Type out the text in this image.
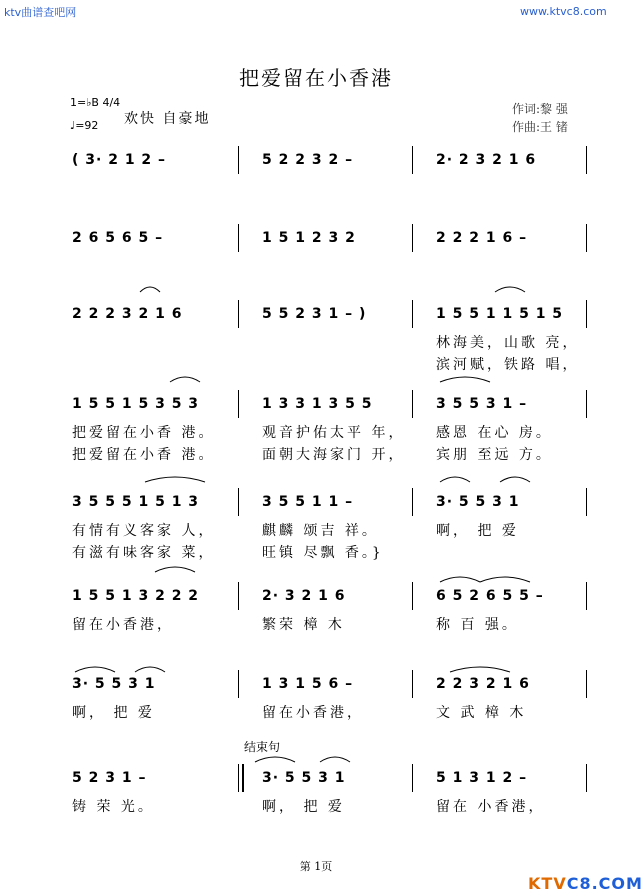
ktv曲谱查吧网	www.ktvc8.com
把爱留在小香港
1=♭B 4/4
♩=92 欢快 自豪地
作词:黎 强
作曲:王 锗
( 3· 2 1 2 –	5 2 2 3 2 –	2· 2 3 2 1 6
2 6 5 6 5 –	1 5 1 2 3 2	2 2 2 1 6 –
2 2 2 3 2 1 6	5 5 2 3 1 – )	1 5 5 1 1 5 1 5
林海美，山歌 亮，
滨河赋，铁路 唱，
1 5 5 1 5 3 5 3
把爱留在小香 港。
把爱留在小香 港。
1 3 3 1 3 5 5
观音护佑太平 年，
面朝大海家门 开，
3 5 5 3 1 –
感恩 在心 房。
宾朋 至远 方。
3 5 5 5 1 5 1 3
有情有义客家 人，
有滋有味客家 菜，
3 5 5 1 1 –
麒麟 颂吉 祥。
旺镇 尽飘 香。}
3· 5 5 3 1
啊， 把 爱
1 5 5 1 3 2 2 2
留在小香港，
2· 3 2 1 6
繁荣 樟 木
6 5 2 6 5 5 –
称 百 强。
3· 5 5 3 1
啊， 把 爱
1 3 1 5 6 –
留在小香港，
2 2 3 2 1 6
文 武 樟 木
5 2 3 1 –
铸 荣 光。
3· 5 5 3 1
啊， 把 爱
5 1 3 1 2 –
留在 小香港，
结束句
第 1页
KTVC8.COM
